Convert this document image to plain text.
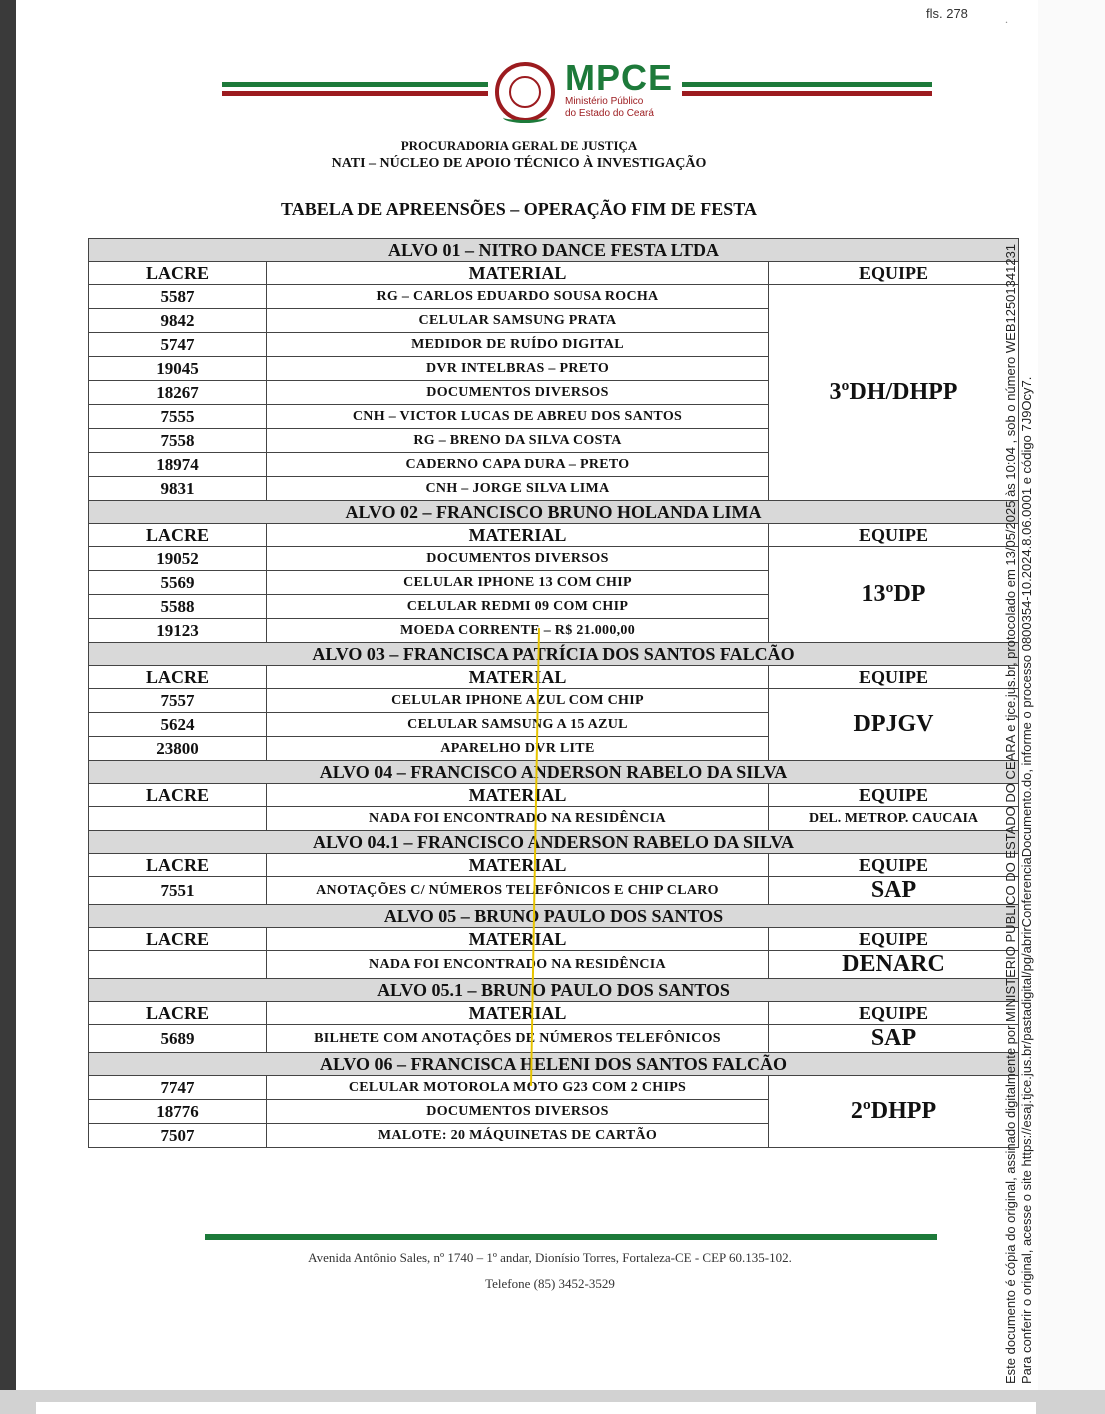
fls. 278	.
MPCE
Ministério Público
do Estado do Ceará
PROCURADORIA GERAL DE JUSTIÇA
NATI – NÚCLEO DE APOIO TÉCNICO À INVESTIGAÇÃO
TABELA DE APREENSÕES – OPERAÇÃO FIM DE FESTA
ALVO 01 – NITRO DANCE FESTA LTDA		
LACRE	MATERIAL	EQUIPE
5587	RG – CARLOS EDUARDO SOUSA ROCHA	3ºDH/DHPP
9842	CELULAR SAMSUNG PRATA	
5747	MEDIDOR DE RUÍDO DIGITAL	
19045	DVR INTELBRAS – PRETO	
18267	DOCUMENTOS DIVERSOS	
7555	CNH – VICTOR LUCAS DE ABREU DOS SANTOS	
7558	RG – BRENO DA SILVA COSTA	
18974	CADERNO CAPA DURA – PRETO	
9831	CNH – JORGE SILVA LIMA	
ALVO 02 – FRANCISCO BRUNO HOLANDA LIMA		
LACRE	MATERIAL	EQUIPE
19052	DOCUMENTOS DIVERSOS	13ºDP
5569	CELULAR IPHONE 13 COM CHIP	
5588	CELULAR REDMI 09 COM CHIP	
19123	MOEDA CORRENTE – R$ 21.000,00	
ALVO 03 – FRANCISCA PATRÍCIA DOS SANTOS FALCÃO		
LACRE	MATERIAL	EQUIPE
7557	CELULAR IPHONE AZUL COM CHIP	DPJGV
5624	CELULAR SAMSUNG A 15 AZUL	
23800	APARELHO DVR LITE	
ALVO 04 – FRANCISCO ANDERSON RABELO DA SILVA		
LACRE	MATERIAL	EQUIPE
	NADA FOI ENCONTRADO NA RESIDÊNCIA	DEL. METROP. CAUCAIA
ALVO 04.1 – FRANCISCO ANDERSON RABELO DA SILVA		
LACRE	MATERIAL	EQUIPE
7551	ANOTAÇÕES C/ NÚMEROS TELEFÔNICOS E CHIP CLARO	SAP
ALVO 05 – BRUNO PAULO DOS SANTOS		
LACRE	MATERIAL	EQUIPE
	NADA FOI ENCONTRADO NA RESIDÊNCIA	DENARC
ALVO 05.1 – BRUNO PAULO DOS SANTOS		
LACRE	MATERIAL	EQUIPE
5689	BILHETE COM ANOTAÇÕES DE NÚMEROS TELEFÔNICOS	SAP
ALVO 06 – FRANCISCA HELENI DOS SANTOS FALCÃO		
7747	CELULAR MOTOROLA MOTO G23 COM 2 CHIPS	2ºDHPP
18776	DOCUMENTOS DIVERSOS	
7507	MALOTE: 20 MÁQUINETAS DE CARTÃO	
Avenida Antônio Sales, nº 1740 – 1º andar, Dionísio Torres, Fortaleza-CE - CEP 60.135-102.
Telefone (85) 3452-3529	Este documento é cópia do original, assinado digitalmente por MINISTERIO PUBLICO DO ESTADO DO CEARA e tjce.jus.br, protocolado em 13/05/2025 às 10:04 , sob o número WEB12501341231 Para conferir o original, acesse o site https://esaj.tjce.jus.br/pastadigital/pg/abrirConferenciaDocumento.do, informe o processo 0800354-10.2024.8.06.0001 e código 7J9Ocy7.
